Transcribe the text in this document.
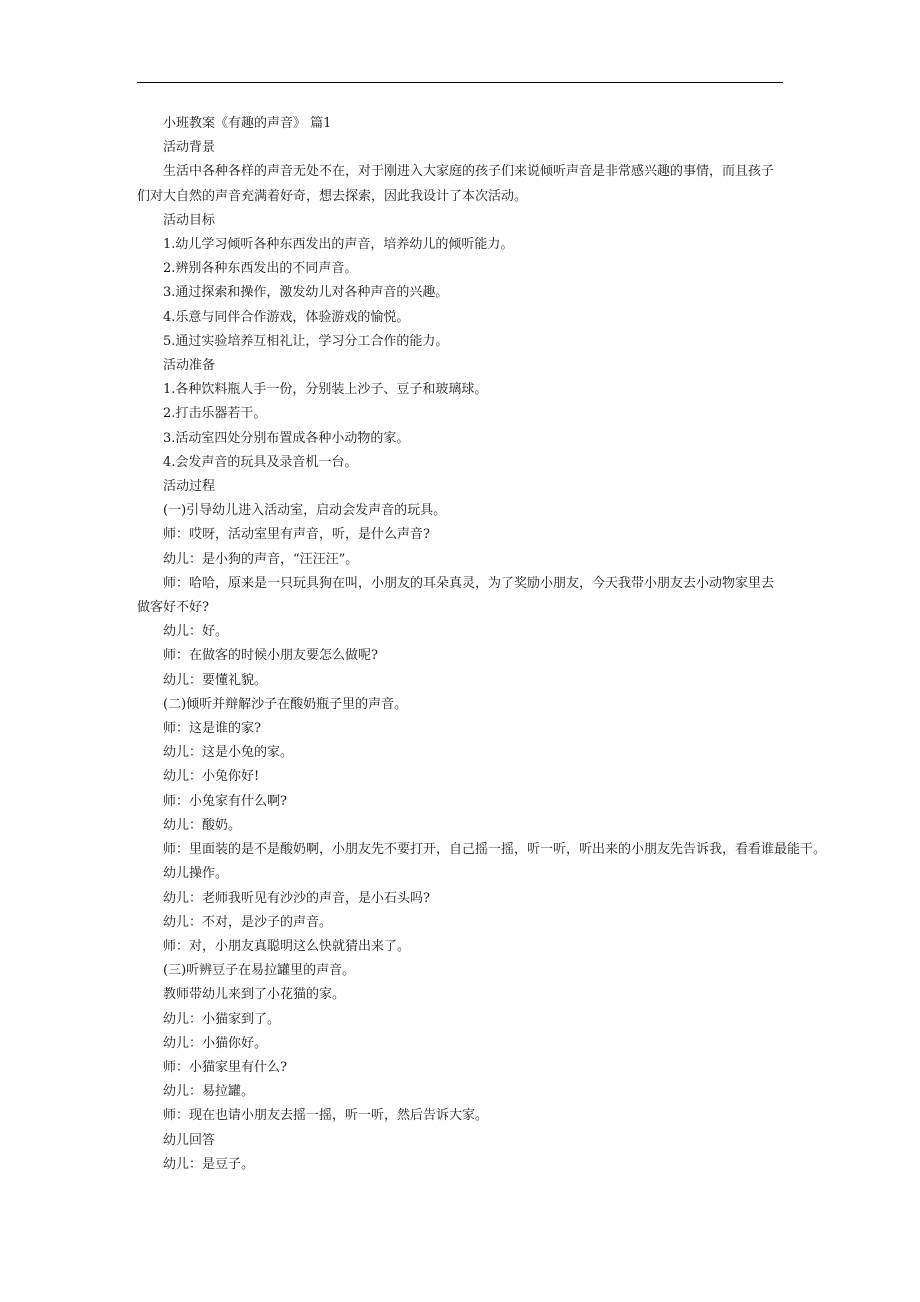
小班教案《有趣的声音》 篇1

活动背景

生活中各种各样的声音无处不在，对于刚进入大家庭的孩子们来说倾听声音是非常感兴趣的事情，而且孩子们对大自然的声音充满着好奇，想去探索，因此我设计了本次活动。

活动目标

1.幼儿学习倾听各种东西发出的声音，培养幼儿的倾听能力。

2.辨别各种东西发出的不同声音。

3.通过探索和操作，激发幼儿对各种声音的兴趣。

4.乐意与同伴合作游戏，体验游戏的愉悦。

5.通过实验培养互相礼让，学习分工合作的能力。

活动准备

1.各种饮料瓶人手一份，分别装上沙子、豆子和玻璃球。

2.打击乐器若干。

3.活动室四处分别布置成各种小动物的家。

4.会发声音的玩具及录音机一台。

活动过程

(一)引导幼儿进入活动室，启动会发声音的玩具。

师：哎呀，活动室里有声音，听，是什么声音?

幼儿：是小狗的声音，“汪汪汪”。

师：哈哈，原来是一只玩具狗在叫，小朋友的耳朵真灵，为了奖励小朋友，今天我带小朋友去小动物家里去做客好不好?

幼儿：好。

师：在做客的时候小朋友要怎么做呢?

幼儿：要懂礼貌。

(二)倾听并辩解沙子在酸奶瓶子里的声音。

师：这是谁的家?

幼儿：这是小兔的家。

幼儿：小兔你好!

师：小兔家有什么啊?

幼儿：酸奶。

师：里面装的是不是酸奶啊，小朋友先不要打开，自己摇一摇，听一听，听出来的小朋友先告诉我，看看谁最能干。

幼儿操作。

幼儿：老师我听见有沙沙的声音，是小石头吗?

幼儿：不对，是沙子的声音。

师：对，小朋友真聪明这么快就猜出来了。

(三)听辨豆子在易拉罐里的声音。

教师带幼儿来到了小花猫的家。

幼儿：小猫家到了。

幼儿：小猫你好。

师：小猫家里有什么?

幼儿：易拉罐。

师：现在也请小朋友去摇一摇，听一听，然后告诉大家。

幼儿回答

幼儿：是豆子。
